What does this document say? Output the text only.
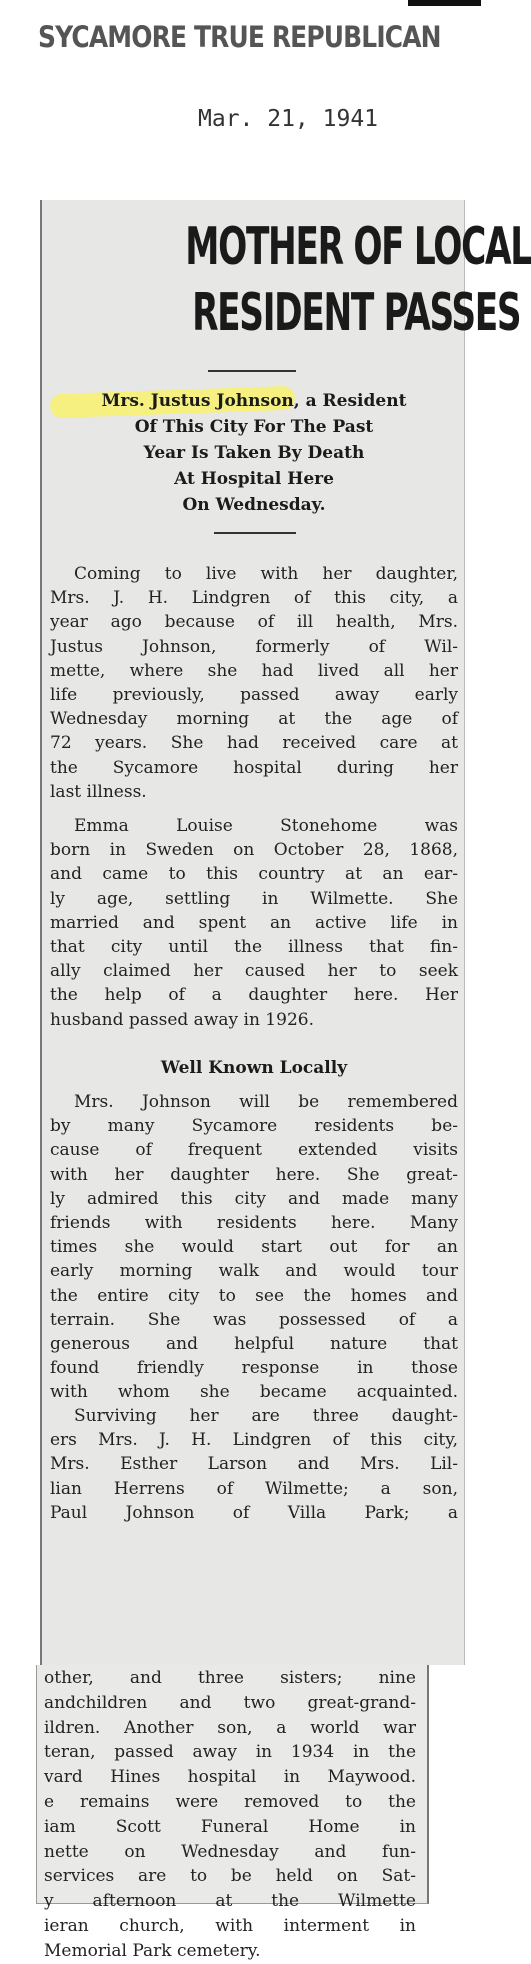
SYCAMORE TRUE REPUBLICAN
Mar. 21, 1941
MOTHER OF LOCAL
RESIDENT PASSES
Mrs. Justus Johnson, a Resident
Of This City For The Past
Year Is Taken By Death
At Hospital Here
On Wednesday.
Coming to live with her daughter,
Mrs. J. H. Lindgren of this city, a
year ago because of ill health, Mrs.
Justus Johnson, formerly of Wil-
mette, where she had lived all her
life previously, passed away early
Wednesday morning at the age of
72 years. She had received care at
the Sycamore hospital during her
last illness.
Emma Louise Stonehome was
born in Sweden on October 28, 1868,
and came to this country at an ear-
ly age, settling in Wilmette. She
married and spent an active life in
that city until the illness that fin-
ally claimed her caused her to seek
the help of a daughter here. Her
husband passed away in 1926.
Well Known Locally
Mrs. Johnson will be remembered
by many Sycamore residents be-
cause of frequent extended visits
with her daughter here. She great-
ly admired this city and made many
friends with residents here. Many
times she would start out for an
early morning walk and would tour
the entire city to see the homes and
terrain. She was possessed of a
generous and helpful nature that
found friendly response in those
with whom she became acquainted.
Surviving her are three daught-
ers Mrs. J. H. Lindgren of this city,
Mrs. Esther Larson and Mrs. Lil-
lian Herrens of Wilmette; a son,
Paul Johnson of Villa Park; a
other, and three sisters; nine
andchildren and two great-grand-
ildren. Another son, a world war
teran, passed away in 1934 in the
vard Hines hospital in Maywood.
e remains were removed to the
iam Scott Funeral Home in
nette on Wednesday and fun-
services are to be held on Sat-
y afternoon at the Wilmette
ieran church, with interment in
Memorial Park cemetery.
